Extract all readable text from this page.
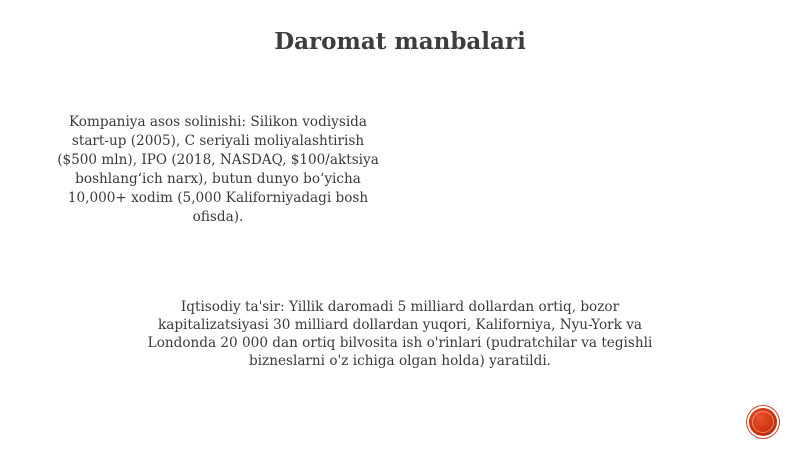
Daromat manbalari
Kompaniya asos solinishi: Silikon vodiysida start-up (2005), C seriyali moliyalashtirish ($500 mln), IPO (2018, NASDAQ, $100/aktsiya boshlang‘ich narx), butun dunyo bo‘yicha 10,000+ xodim (5,000 Kaliforniyadagi bosh ofisda).
Iqtisodiy ta'sir: Yillik daromadi 5 milliard dollardan ortiq, bozor kapitalizatsiyasi 30 milliard dollardan yuqori, Kaliforniya, Nyu-York va Londonda 20 000 dan ortiq bilvosita ish o'rinlari (pudratchilar va tegishli bizneslarni o'z ichiga olgan holda) yaratildi.
